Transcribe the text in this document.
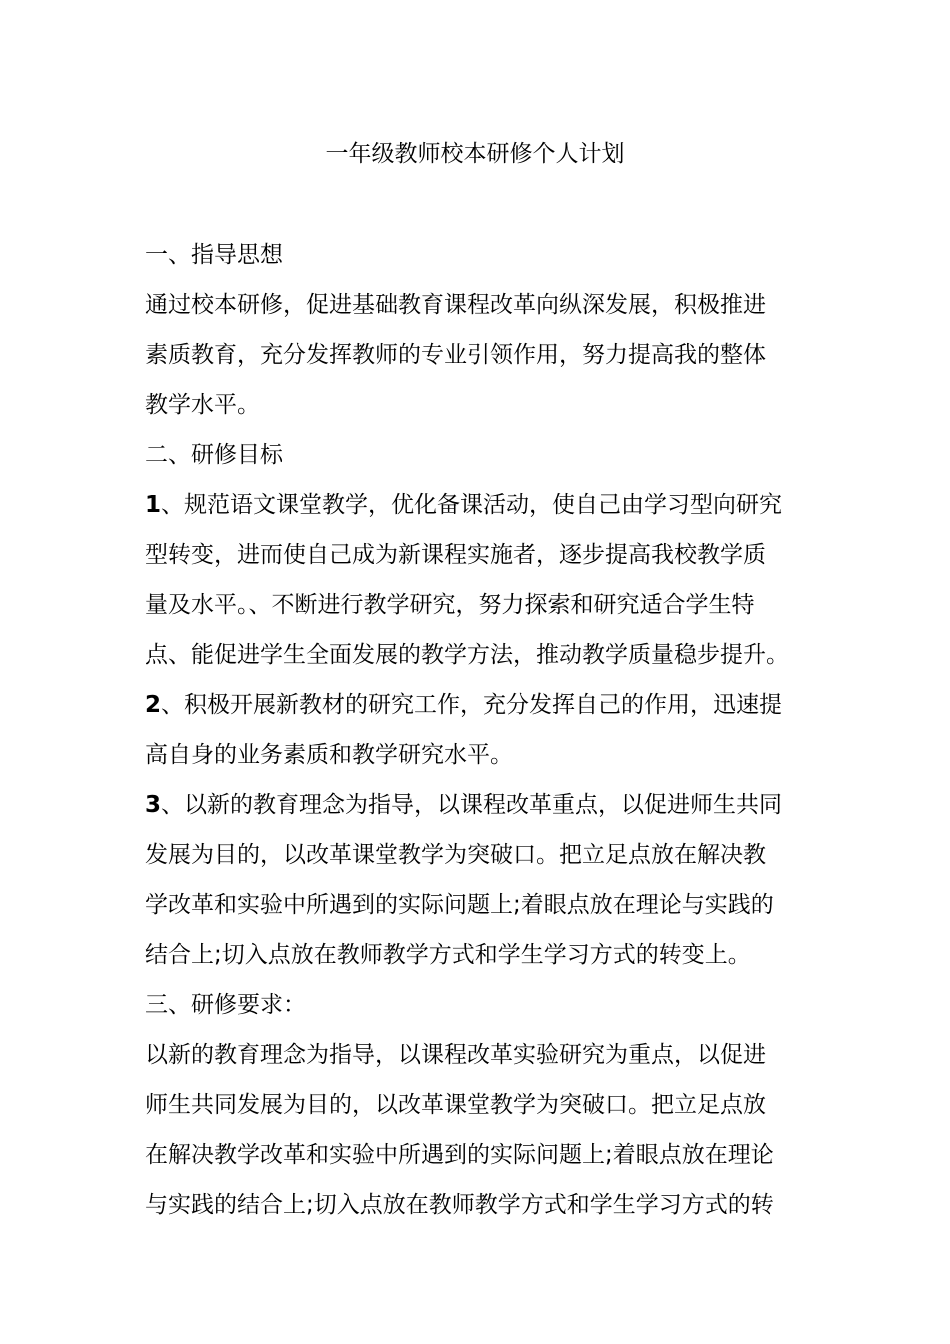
一年级教师校本研修个人计划

一、指导思想

通过校本研修，促进基础教育课程改革向纵深发展，积极推进

素质教育，充分发挥教师的专业引领作用，努力提高我的整体

教学水平。

二、研修目标

1、规范语文课堂教学，优化备课活动，使自己由学习型向研究

型转变，进而使自己成为新课程实施者，逐步提高我校教学质

量及水平。、不断进行教学研究，努力探索和研究适合学生特

点、能促进学生全面发展的教学方法，推动教学质量稳步提升。

2、积极开展新教材的研究工作，充分发挥自己的作用，迅速提

高自身的业务素质和教学研究水平。

3、以新的教育理念为指导，以课程改革重点，以促进师生共同

发展为目的，以改革课堂教学为突破口。把立足点放在解决教

学改革和实验中所遇到的实际问题上;着眼点放在理论与实践的

结合上;切入点放在教师教学方式和学生学习方式的转变上。

三、研修要求：

以新的教育理念为指导，以课程改革实验研究为重点，以促进

师生共同发展为目的，以改革课堂教学为突破口。把立足点放

在解决教学改革和实验中所遇到的实际问题上;着眼点放在理论

与实践的结合上;切入点放在教师教学方式和学生学习方式的转
